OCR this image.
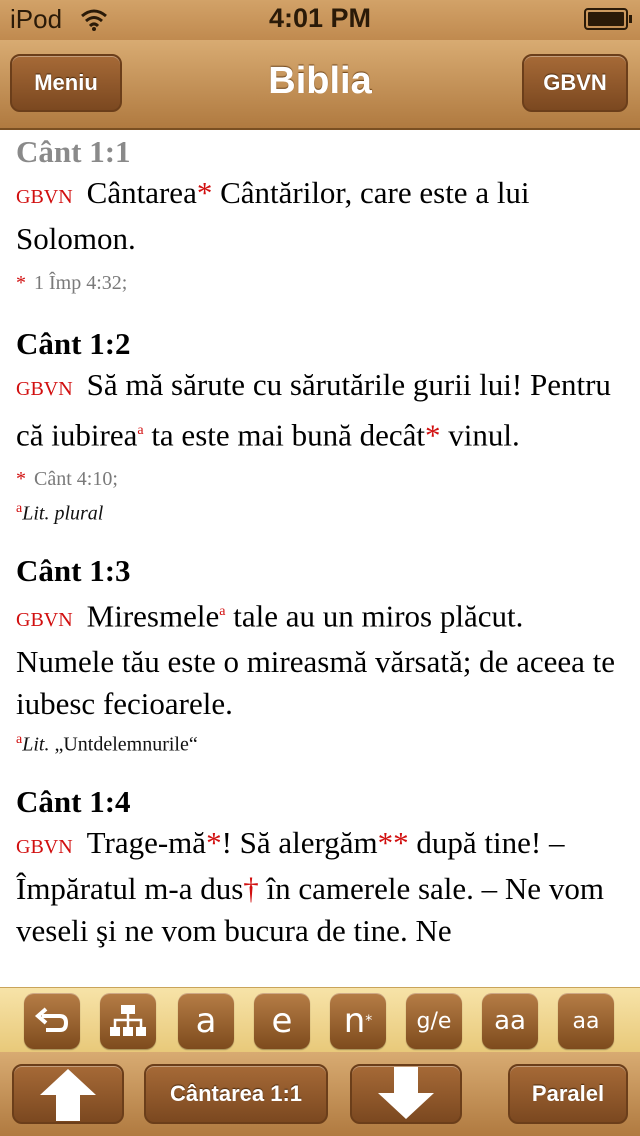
iPod	4:01 PM
Meniu	Biblia	GBVN
Cânt 1:1
GBVN Cântarea* Cântărilor, care este a lui Solomon.
* 1 Împ 4:32;
Cânt 1:2
GBVN Să mă sărute cu sărutările gurii lui! Pentru că iubirea$^a$ ta este mai bună decât* vinul.
* Cânt 4:10;
$^a$Lit. plural
Cânt 1:3
GBVN Miresmele$^a$ tale au un miros plăcut. Numele tău este o mireasmă vărsată; de aceea te iubesc fecioarele.
$^a$Lit. „Untdelemnurile“
Cânt 1:4
GBVN Trage-mă*! Să alergăm** după tine! – Împăratul m-a dus† în camerele sale. – Ne vom veseli şi ne vom bucura de tine. Ne
a e n * g/e aa aa
Cântarea 1:1	Paralel
